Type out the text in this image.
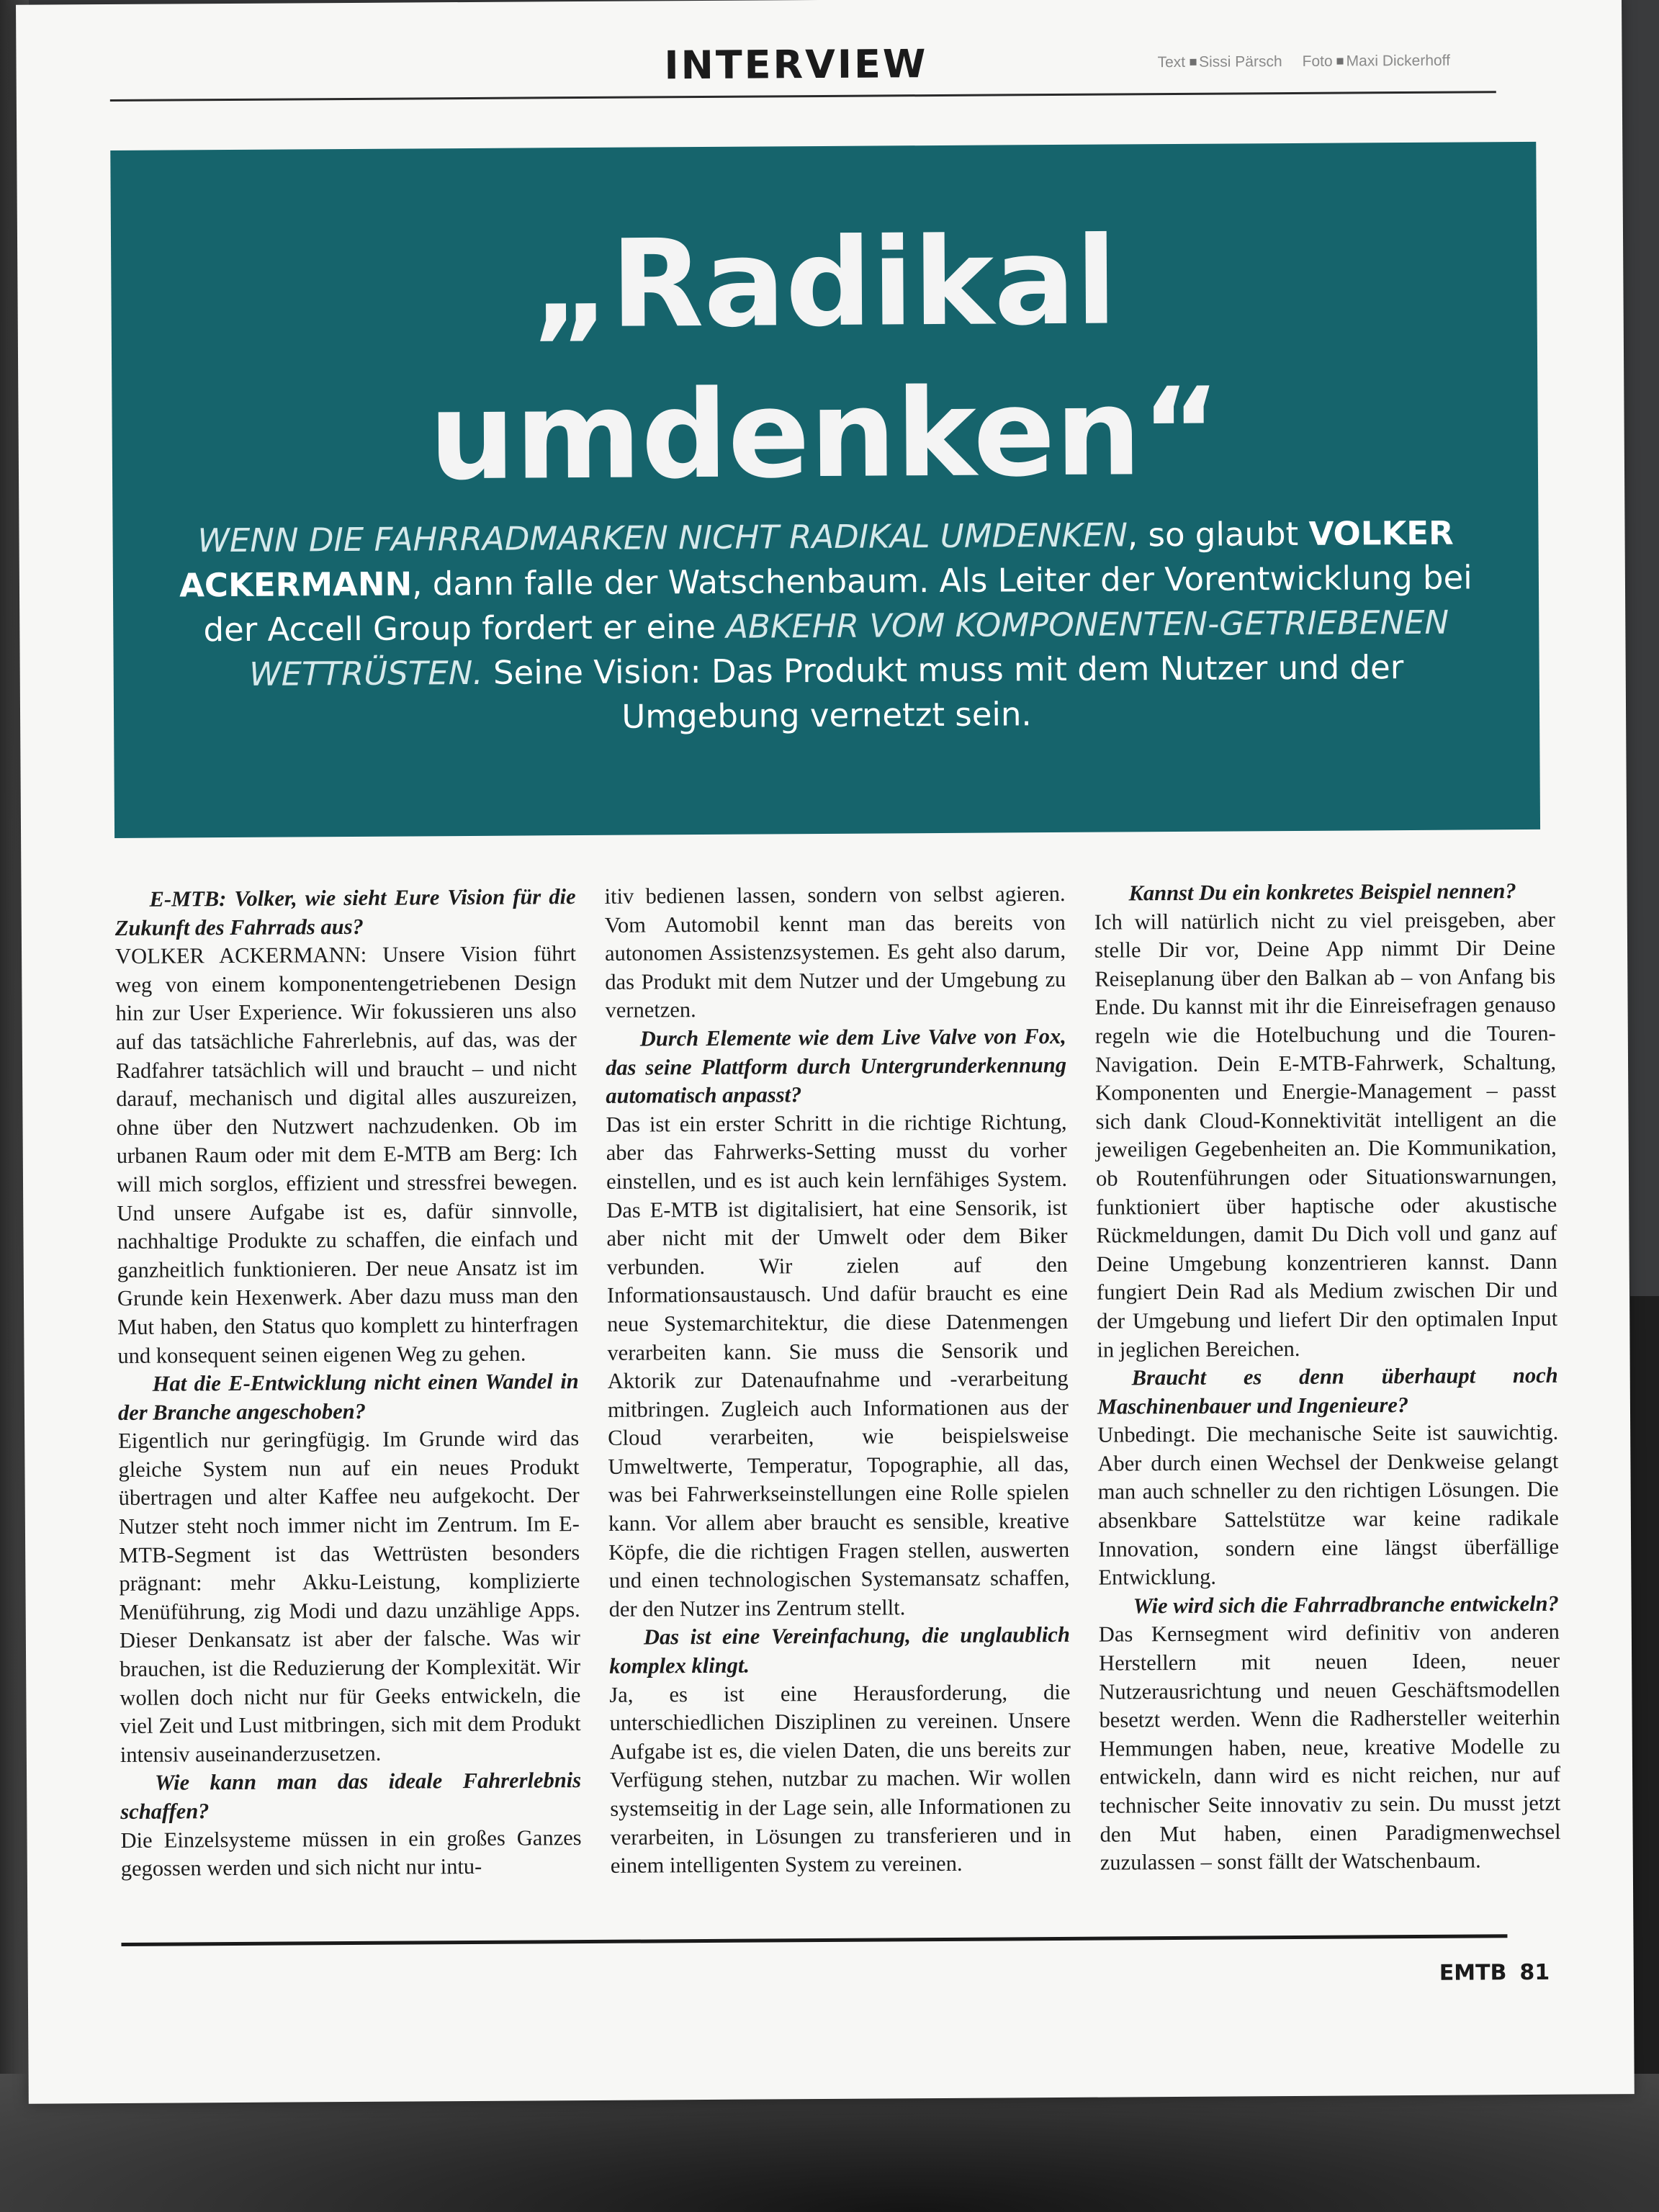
INTERVIEW	Text Sissi Pärsch Foto Maxi Dickerhoff
„Radikal
umdenken“
WENN DIE FAHRRADMARKEN NICHT RADIKAL UMDENKEN, so glaubt VOLKER ACKERMANN, dann falle der Watschenbaum. Als Leiter der Vorentwicklung bei der Accell Group fordert er eine ABKEHR VOM KOMPONENTEN-GETRIEBENEN WETTRÜSTEN. Seine Vision: Das Produkt muss mit dem Nutzer und der Umgebung vernetzt sein.

E-MTB: Volker, wie sieht Eure Vision für die Zukunft des Fahrrads aus?

VOLKER ACKERMANN: Unsere Vision führt weg von einem komponentengetriebenen Design hin zur User Experience. Wir fokussieren uns also auf das tatsächliche Fahrerlebnis, auf das, was der Radfahrer tatsächlich will und braucht – und nicht darauf, mechanisch und digital alles auszureizen, ohne über den Nutzwert nachzudenken. Ob im urbanen Raum oder mit dem E-MTB am Berg: Ich will mich sorglos, effizient und stressfrei bewegen. Und unsere Aufgabe ist es, dafür sinnvolle, nachhaltige Produkte zu schaffen, die einfach und ganzheitlich funktionieren. Der neue Ansatz ist im Grunde kein Hexenwerk. Aber dazu muss man den Mut haben, den Status quo komplett zu hinterfragen und konsequent seinen eigenen Weg zu gehen.

Hat die E-Entwicklung nicht einen Wandel in der Branche angeschoben?

Eigentlich nur geringfügig. Im Grunde wird das gleiche System nun auf ein neues Produkt übertragen und alter Kaffee neu aufgekocht. Der Nutzer steht noch immer nicht im Zentrum. Im E-MTB-Segment ist das Wettrüsten besonders prägnant: mehr Akku-Leistung, komplizierte Menüführung, zig Modi und dazu unzählige Apps. Dieser Denkansatz ist aber der falsche. Was wir brauchen, ist die Reduzierung der Komplexität. Wir wollen doch nicht nur für Geeks entwickeln, die viel Zeit und Lust mitbringen, sich mit dem Produkt intensiv auseinanderzusetzen.

Wie kann man das ideale Fahrerlebnis schaffen?

Die Einzelsysteme müssen in ein großes Ganzes gegossen werden und sich nicht nur intu-

itiv bedienen lassen, sondern von selbst agieren. Vom Automobil kennt man das bereits von autonomen Assistenzsystemen. Es geht also darum, das Produkt mit dem Nutzer und der Umgebung zu vernetzen.

Durch Elemente wie dem Live Valve von Fox, das seine Plattform durch Untergrunderkennung automatisch anpasst?

Das ist ein erster Schritt in die richtige Richtung, aber das Fahrwerks-Setting musst du vorher einstellen, und es ist auch kein lernfähiges System. Das E-MTB ist digitalisiert, hat eine Sensorik, ist aber nicht mit der Umwelt oder dem Biker verbunden. Wir zielen auf den Informationsaustausch. Und dafür braucht es eine neue Systemarchitektur, die diese Datenmengen verarbeiten kann. Sie muss die Sensorik und Aktorik zur Datenaufnahme und -verarbeitung mitbringen. Zugleich auch Informationen aus der Cloud verarbeiten, wie beispielsweise Umweltwerte, Temperatur, Topographie, all das, was bei Fahrwerkseinstellungen eine Rolle spielen kann. Vor allem aber braucht es sensible, kreative Köpfe, die die richtigen Fragen stellen, auswerten und einen technologischen Systemansatz schaffen, der den Nutzer ins Zentrum stellt.

Das ist eine Vereinfachung, die unglaublich komplex klingt.

Ja, es ist eine Herausforderung, die unterschiedlichen Disziplinen zu vereinen. Unsere Aufgabe ist es, die vielen Daten, die uns bereits zur Verfügung stehen, nutzbar zu machen. Wir wollen systemseitig in der Lage sein, alle Informationen zu verarbeiten, in Lösungen zu transferieren und in einem intelligenten System zu vereinen.

Kannst Du ein konkretes Beispiel nennen?

Ich will natürlich nicht zu viel preisgeben, aber stelle Dir vor, Deine App nimmt Dir Deine Reiseplanung über den Balkan ab – von Anfang bis Ende. Du kannst mit ihr die Einreisefragen genauso regeln wie die Hotelbuchung und die Touren-Navigation. Dein E-MTB-Fahrwerk, Schaltung, Komponenten und Energie-Management – passt sich dank Cloud-Konnektivität intelligent an die jeweiligen Gegebenheiten an. Die Kommunikation, ob Routenführungen oder Situationswarnungen, funktioniert über haptische oder akustische Rückmeldungen, damit Du Dich voll und ganz auf Deine Umgebung konzentrieren kannst. Dann fungiert Dein Rad als Medium zwischen Dir und der Umgebung und liefert Dir den optimalen Input in jeglichen Bereichen.

Braucht es denn überhaupt noch Maschinenbauer und Ingenieure?

Unbedingt. Die mechanische Seite ist sauwichtig. Aber durch einen Wechsel der Denkweise gelangt man auch schneller zu den richtigen Lösungen. Die absenkbare Sattelstütze war keine radikale Innovation, sondern eine längst überfällige Entwicklung.

Wie wird sich die Fahrradbranche entwickeln?

Das Kernsegment wird definitiv von anderen Herstellern mit neuen Ideen, neuer Nutzerausrichtung und neuen Geschäftsmodellen besetzt werden. Wenn die Radhersteller weiterhin Hemmungen haben, neue, kreative Modelle zu entwickeln, dann wird es nicht reichen, nur auf technischer Seite innovativ zu sein. Du musst jetzt den Mut haben, einen Paradigmenwechsel zuzulassen – sonst fällt der Watschenbaum.

EMTB 81
